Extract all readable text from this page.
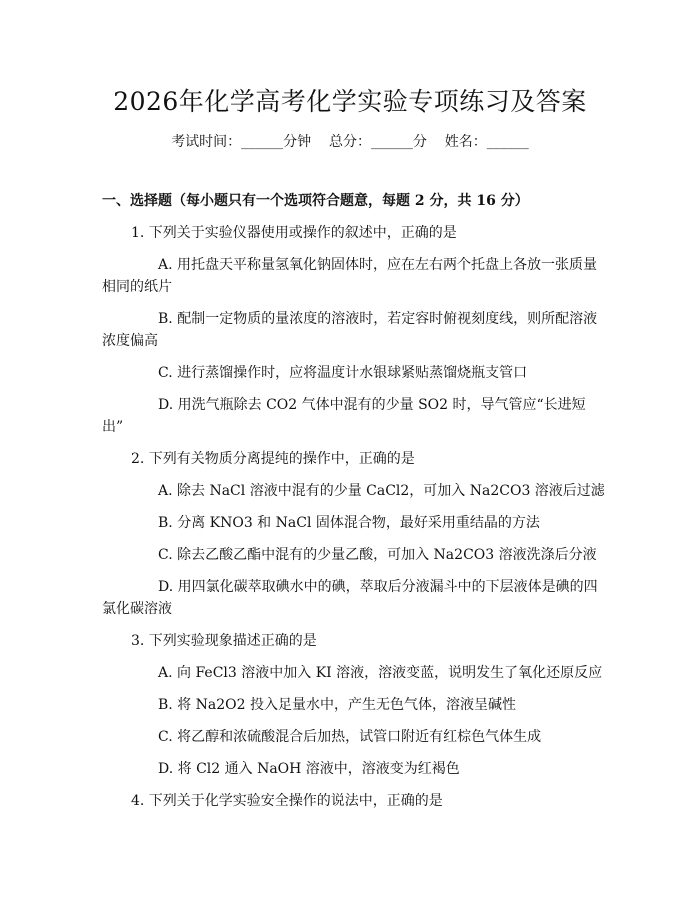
2026年化学高考化学实验专项练习及答案
考试时间：______分钟    总分：______分    姓名：______
一、选择题（每小题只有一个选项符合题意，每题 2 分，共 16 分）
1. 下列关于实验仪器使用或操作的叙述中，正确的是
A. 用托盘天平称量氢氧化钠固体时，应在左右两个托盘上各放一张质量
相同的纸片
B. 配制一定物质的量浓度的溶液时，若定容时俯视刻度线，则所配溶液
浓度偏高
C. 进行蒸馏操作时，应将温度计水银球紧贴蒸馏烧瓶支管口
D. 用洗气瓶除去 CO2 气体中混有的少量 SO2 时，导气管应“长进短
出”
2. 下列有关物质分离提纯的操作中，正确的是
A. 除去 NaCl 溶液中混有的少量 CaCl2，可加入 Na2CO3 溶液后过滤
B. 分离 KNO3 和 NaCl 固体混合物，最好采用重结晶的方法
C. 除去乙酸乙酯中混有的少量乙酸，可加入 Na2CO3 溶液洗涤后分液
D. 用四氯化碳萃取碘水中的碘，萃取后分液漏斗中的下层液体是碘的四
氯化碳溶液
3. 下列实验现象描述正确的是
A. 向 FeCl3 溶液中加入 KI 溶液，溶液变蓝，说明发生了氧化还原反应
B. 将 Na2O2 投入足量水中，产生无色气体，溶液呈碱性
C. 将乙醇和浓硫酸混合后加热，试管口附近有红棕色气体生成
D. 将 Cl2 通入 NaOH 溶液中，溶液变为红褐色
4. 下列关于化学实验安全操作的说法中，正确的是
